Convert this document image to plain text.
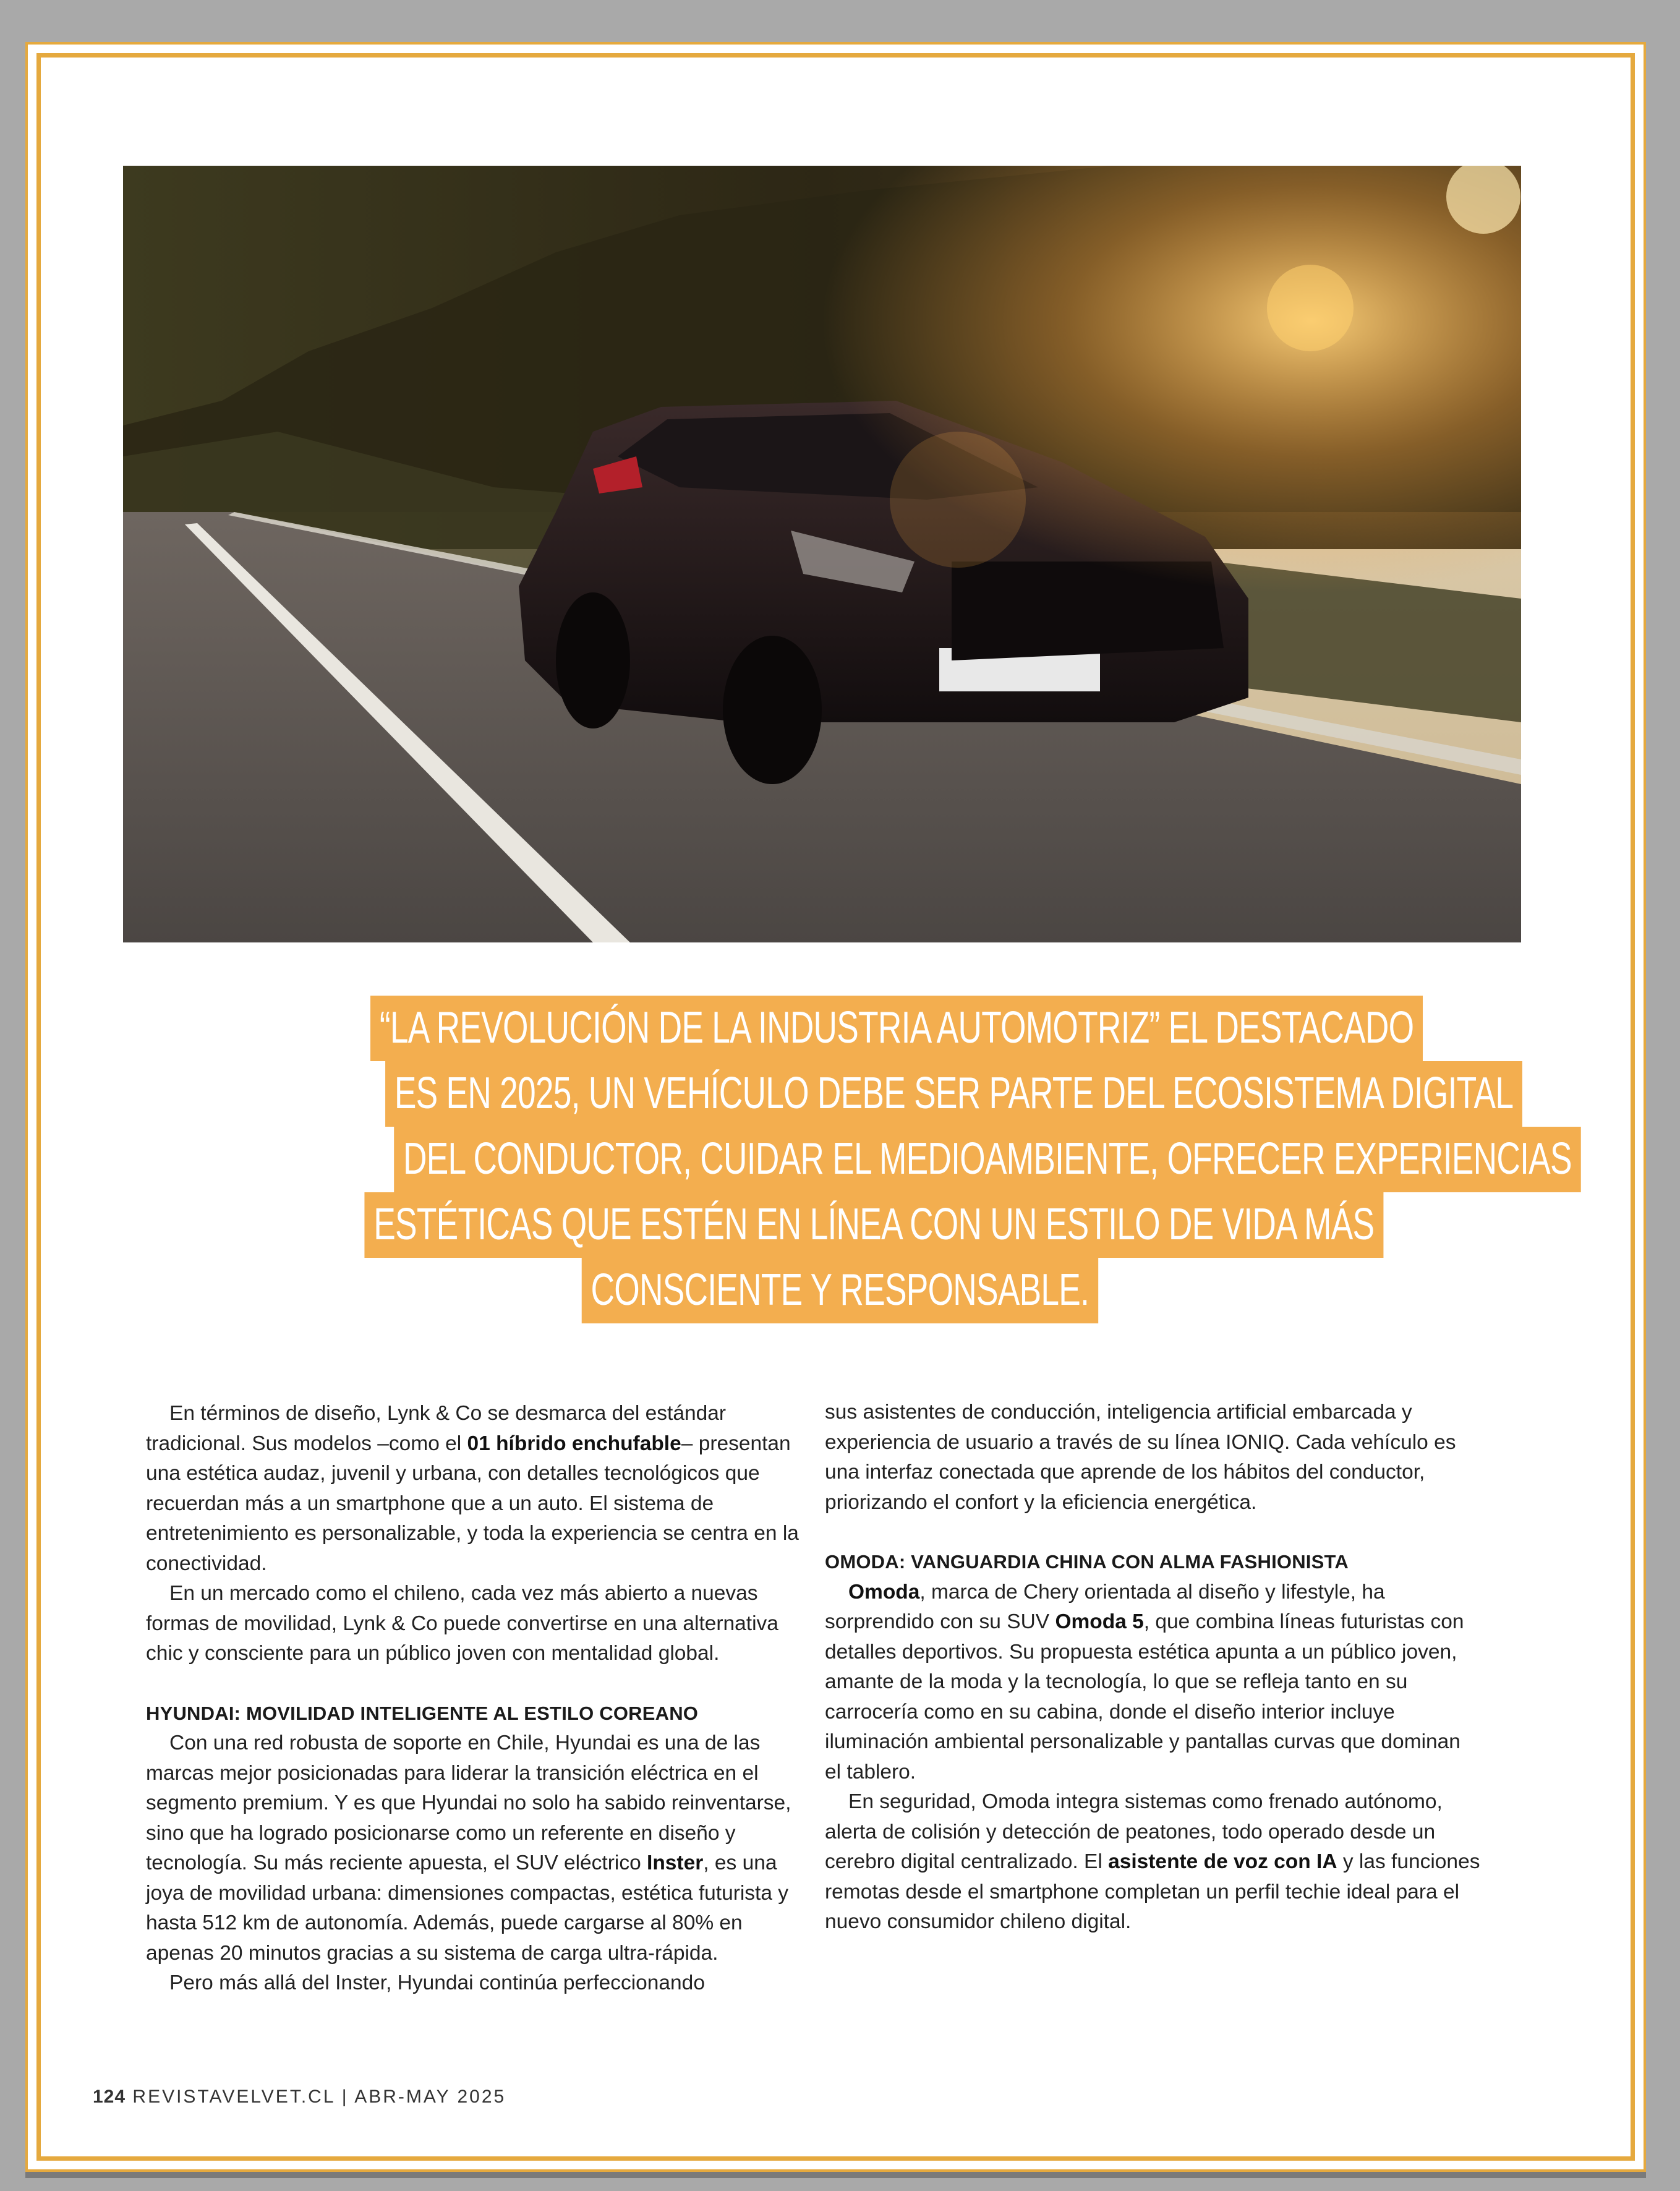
“LA REVOLUCIÓN DE LA INDUSTRIA AUTOMOTRIZ” EL DESTACADO
ES EN 2025, UN VEHÍCULO DEBE SER PARTE DEL ECOSISTEMA DIGITAL
DEL CONDUCTOR, CUIDAR EL MEDIOAMBIENTE, OFRECER EXPERIENCIAS
ESTÉTICAS QUE ESTÉN EN LÍNEA CON UN ESTILO DE VIDA MÁS
CONSCIENTE Y RESPONSABLE.

En términos de diseño, Lynk & Co se desmarca del estándar tradicional. Sus modelos –como el 01 híbrido enchufable– presentan una estética audaz, juvenil y urbana, con detalles tecnológicos que recuerdan más a un smartphone que a un auto. El sistema de entretenimiento es personalizable, y toda la experiencia se centra en la conectividad.

En un mercado como el chileno, cada vez más abierto a nuevas formas de movilidad, Lynk & Co puede convertirse en una alternativa chic y consciente para un público joven con mentalidad global.

HYUNDAI: MOVILIDAD INTELIGENTE AL ESTILO COREANO

Con una red robusta de soporte en Chile, Hyundai es una de las marcas mejor posicionadas para liderar la transición eléctrica en el segmento premium. Y es que Hyundai no solo ha sabido reinventarse, sino que ha logrado posicionarse como un referente en diseño y tecnología. Su más reciente apuesta, el SUV eléctrico Inster, es una joya de movilidad urbana: dimensiones compactas, estética futurista y hasta 512 km de autonomía. Además, puede cargarse al 80% en apenas 20 minutos gracias a su sistema de carga ultra-rápida.

Pero más allá del Inster, Hyundai continúa perfeccionando

sus asistentes de conducción, inteligencia artificial embarcada y experiencia de usuario a través de su línea IONIQ. Cada vehículo es una interfaz conectada que aprende de los hábitos del conductor, priorizando el confort y la eficiencia energética.

OMODA: VANGUARDIA CHINA CON ALMA FASHIONISTA

Omoda, marca de Chery orientada al diseño y lifestyle, ha sorprendido con su SUV Omoda 5, que combina líneas futuristas con detalles deportivos. Su propuesta estética apunta a un público joven, amante de la moda y la tecnología, lo que se refleja tanto en su carrocería como en su cabina, donde el diseño interior incluye iluminación ambiental personalizable y pantallas curvas que dominan el tablero.

En seguridad, Omoda integra sistemas como frenado autónomo, alerta de colisión y detección de peatones, todo operado desde un cerebro digital centralizado. El asistente de voz con IA y las funciones remotas desde el smartphone completan un perfil techie ideal para el nuevo consumidor chileno digital.

124 REVISTAVELVET.CL | ABR-MAY 2025
